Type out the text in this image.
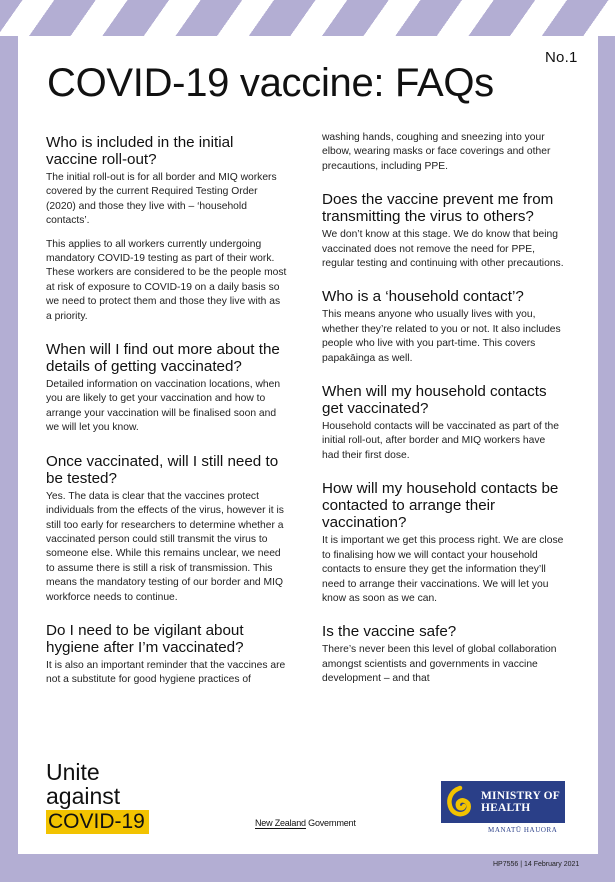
No.1
COVID-19 vaccine: FAQs
Who is included in the initial vaccine roll-out?

The initial roll-out is for all border and MIQ workers covered by the current Required Testing Order (2020) and those they live with – ‘household contacts’.

This applies to all workers currently undergoing mandatory COVID-19 testing as part of their work. These workers are considered to be the people most at risk of exposure to COVID-19 on a daily basis so we need to protect them and those they live with as a priority.

When will I find out more about the details of getting vaccinated?

Detailed information on vaccination locations, when you are likely to get your vaccination and how to arrange your vaccination will be finalised soon and we will let you know.

Once vaccinated, will I still need to be tested?

Yes. The data is clear that the vaccines protect individuals from the effects of the virus, however it is still too early for researchers to determine whether a vaccinated person could still transmit the virus to someone else. While this remains unclear, we need to assume there is still a risk of transmission. This means the mandatory testing of our border and MIQ workforce needs to continue.

Do I need to be vigilant about hygiene after I’m vaccinated?

It is also an important reminder that the vaccines are not a substitute for good hygiene practices of

washing hands, coughing and sneezing into your elbow, wearing masks or face coverings and other precautions, including PPE.

Does the vaccine prevent me from transmitting the virus to others?

We don’t know at this stage. We do know that being vaccinated does not remove the need for PPE, regular testing and continuing with other precautions.

Who is a ‘household contact’?

This means anyone who usually lives with you, whether they’re related to you or not. It also includes people who live with you part-time. This covers papakāinga as well.

When will my household contacts get vaccinated?

Household contacts will be vaccinated as part of the initial roll-out, after border and MIQ workers have had their first dose.

How will my household contacts be contacted to arrange their vaccination?

It is important we get this process right. We are close to finalising how we will contact your household contacts to ensure they get the information they’ll need to arrange their vaccinations. We will let you know as soon as we can.

Is the vaccine safe?

There’s never been this level of global collaboration amongst scientists and governments in vaccine development – and that

Unite
against
COVID-19	New Zealand Government
MINISTRY OF
HEALTH
MANATŪ HAUORA
HP7556 | 14 February 2021
